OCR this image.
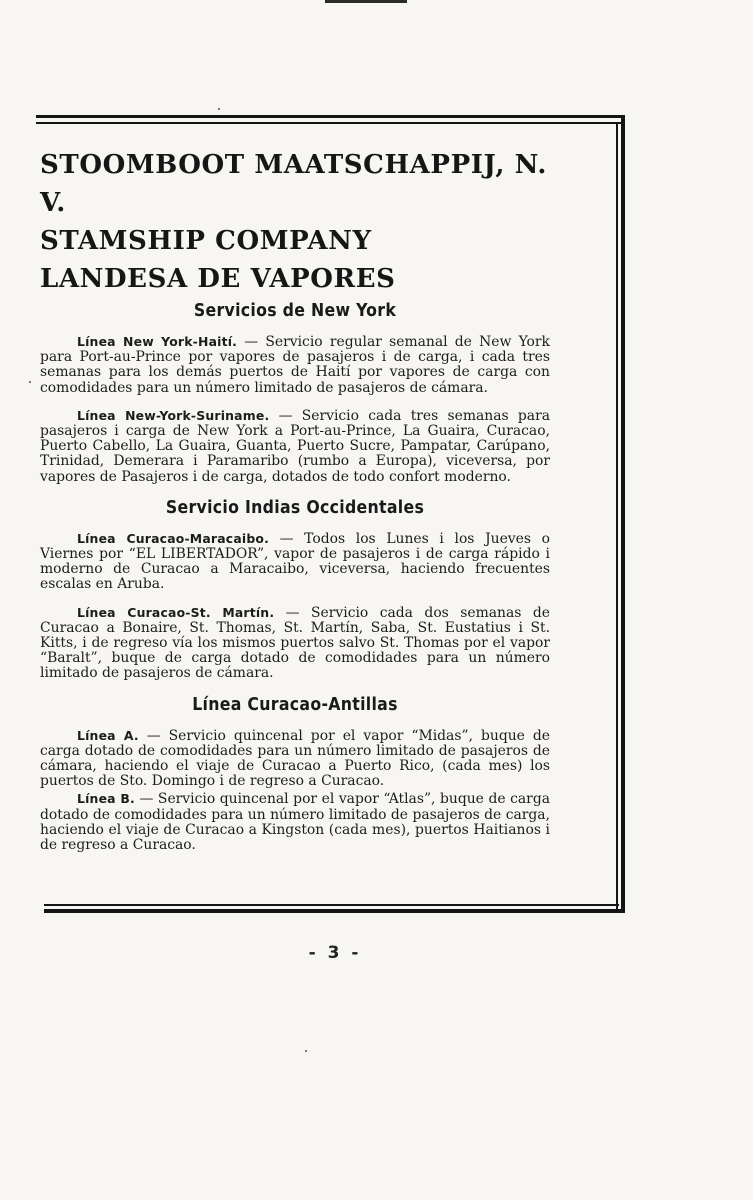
STOOMBOOT MAATSCHAPPIJ, N. V.
STAMSHIP COMPANY
LANDESA DE VAPORES
Servicios de New York

Línea New York-Haití. — Servicio regular semanal de New York para Port-au-Prince por vapores de pasajeros i de carga, i cada tres semanas para los demás puertos de Haití por vapores de carga con comodidades para un número limitado de pasajeros de cámara.

Línea New-York-Suriname. — Servicio cada tres semanas para pasajeros i carga de New York a Port-au-Prince, La Guaira, Curacao, Puerto Cabello, La Guaira, Guanta, Puerto Sucre, Pampatar, Carúpano, Trinidad, Demerara i Paramaribo (rumbo a Europa), viceversa, por vapores de Pasajeros i de carga, dotados de todo confort moderno.

Servicio Indias Occidentales

Línea Curacao-Maracaibo. — Todos los Lunes i los Jueves o Viernes por “EL LIBERTADOR”, vapor de pasajeros i de carga rápido i moderno de Curacao a Maracaibo, viceversa, haciendo frecuentes escalas en Aruba.

Línea Curacao-St. Martín. — Servicio cada dos semanas de Curacao a Bonaire, St. Thomas, St. Martín, Saba, St. Eustatius i St. Kitts, i de regreso vía los mismos puertos salvo St. Thomas por el vapor “Baralt”, buque de carga dotado de comodidades para un número limitado de pasajeros de cámara.

Línea Curacao-Antillas

Línea A. — Servicio quincenal por el vapor “Midas”, buque de carga dotado de comodidades para un número limitado de pasajeros de cámara, haciendo el viaje de Curacao a Puerto Rico, (cada mes) los puertos de Sto. Domingo i de regreso a Curacao.

Línea B. — Servicio quincenal por el vapor “Atlas”, buque de carga dotado de comodidades para un número limitado de pasajeros de carga, haciendo el viaje de Curacao a Kingston (cada mes), puertos Haitianos i de regreso a Curacao.

- 3 -
